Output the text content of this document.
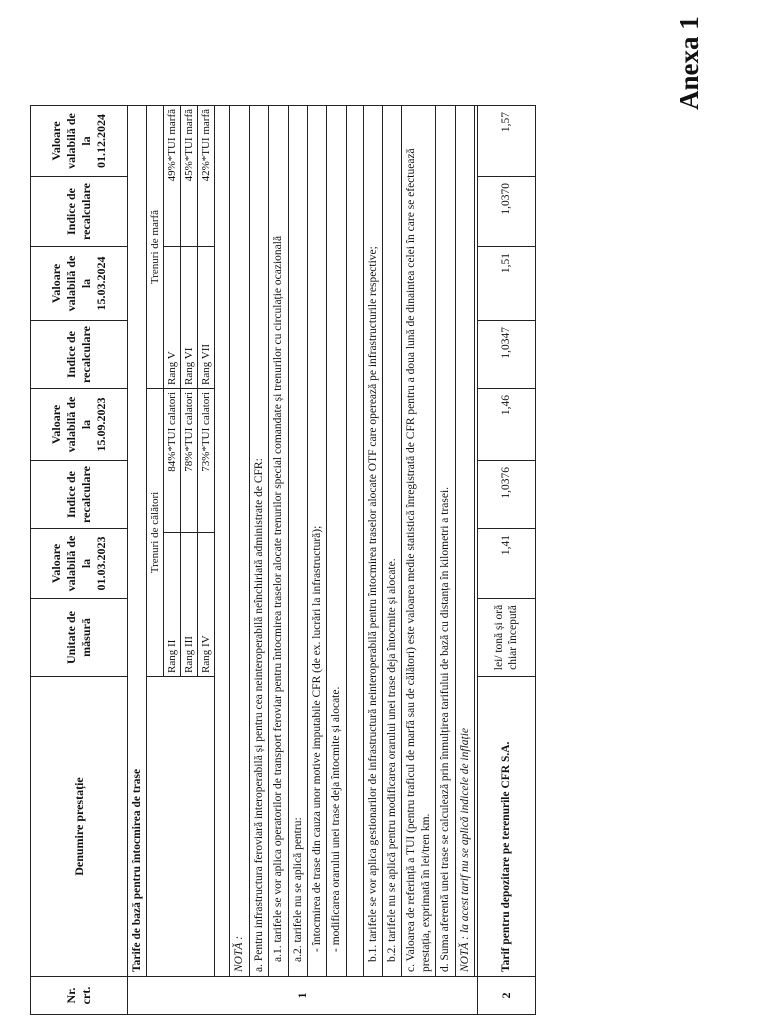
Anexa 1
Nr.
crt.	Denumire prestație	Unitate de măsură	Valoare valabilă de la 01.03.2023	Indice de recalculare	Valoare valabilă de la 15.09.2023	Indice de recalculare	Valoare valabilă de la 15.03.2024	Indice de recalculare	Valoare valabilă de la 01.12.2024
1	Tarife de bază pentru întocmirea de trase

Trenuri de călători
Rang II	84%*TUI calatori
Rang III	78%*TUI calatori
Rang IV	73%*TUI calatori

Trenuri de marfă
Rang V	49%*TUI marfă
Rang VI	45%*TUI marfă
Rang VII	42%*TUI marfă

NOTĂ :
a. Pentru infrastructura feroviară interoperabilă și pentru cea neinteroperabilă neînchiriată administrate de CFR:
a.1. tarifele se vor aplica operatorilor de transport feroviar pentru întocmirea traselor alocate trenurilor special comandate și trenurilor cu circulație ocazională
a.2. tarifele nu se aplică pentru:
- întocmirea de trase din cauza unor motive imputabile CFR (de ex. lucrări la infrastructură);
- modificarea orarului unei trase deja întocmite și alocate.

b.1. tarifele se vor aplica gestionarilor de infrastructură neinteroperabilă pentru întocmirea traselor alocate OTF care operează pe infrastructurile respective;
b.2. tarifele nu se aplică pentru modificarea orarului unei trase deja întocmite și alocate.
c. Valoarea de referință a TUI (pentru traficul de marfă sau de călători) este valoarea medie statistică înregistrată de CFR pentru a doua lună de dinaintea celei în care se efectuează prestația, exprimată în lei/tren km.
d. Suma aferentă unei trase se calculează prin înmulțirea tarifului de bază cu distanța în kilometri a trasei.
NOTĂ : la acest tarif nu se aplică indicele de inflație

2	Tarif pentru depozitare pe terenurile CFR S.A.	lei/ tonă și oră chiar începută	1,41	1,0376	1,46	1,0347	1,51	1,0370	1,57
